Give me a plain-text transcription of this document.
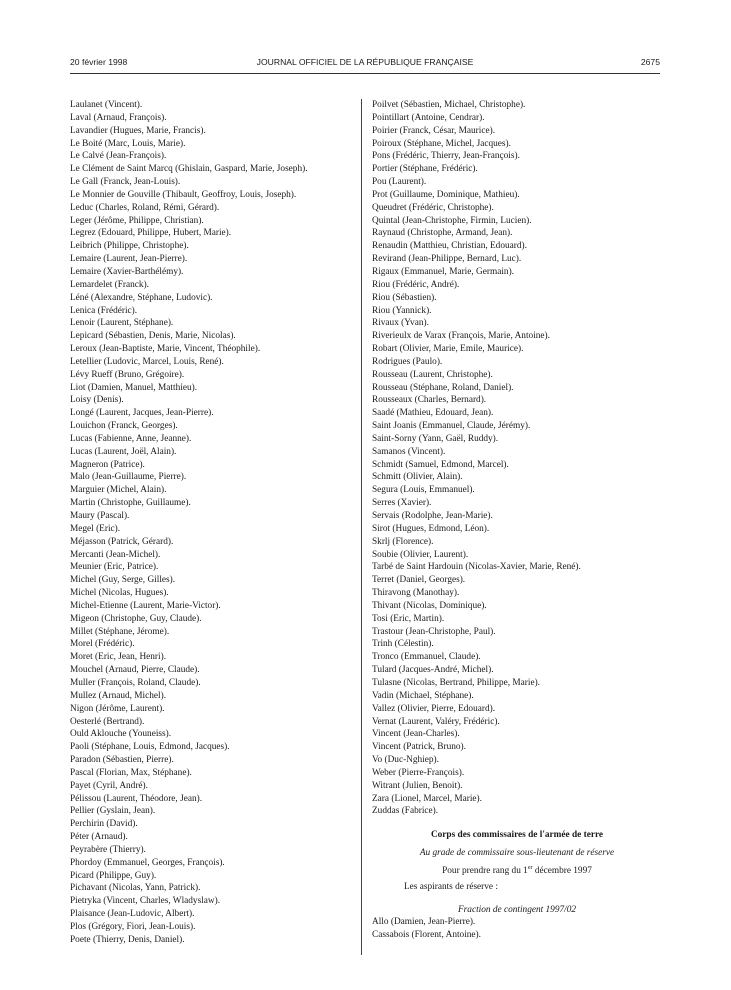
20 février 1998	JOURNAL OFFICIEL DE LA RÉPUBLIQUE FRANÇAISE	2675
Laulanet (Vincent).
Laval (Arnaud, François).
Lavandier (Hugues, Marie, Francis).
Le Boité (Marc, Louis, Marie).
Le Calvé (Jean-François).
Le Clément de Saint Marcq (Ghislain, Gaspard, Marie, Joseph).
Le Gall (Franck, Jean-Louis).
Le Monnier de Gouville (Thibault, Geoffroy, Louis, Joseph).
Leduc (Charles, Roland, Rémi, Gérard).
Leger (Jérôme, Philippe, Christian).
Legrez (Edouard, Philippe, Hubert, Marie).
Leibrich (Philippe, Christophe).
Lemaire (Laurent, Jean-Pierre).
Lemaire (Xavier-Barthélémy).
Lemardelet (Franck).
Léné (Alexandre, Stéphane, Ludovic).
Lenica (Frédéric).
Lenoir (Laurent, Stéphane).
Lepicard (Sébastien, Denis, Marie, Nicolas).
Leroux (Jean-Baptiste, Marie, Vincent, Théophile).
Letellier (Ludovic, Marcel, Louis, René).
Lévy Rueff (Bruno, Grégoire).
Liot (Damien, Manuel, Matthieu).
Loisy (Denis).
Longé (Laurent, Jacques, Jean-Pierre).
Louichon (Franck, Georges).
Lucas (Fabienne, Anne, Jeanne).
Lucas (Laurent, Joël, Alain).
Magneron (Patrice).
Malo (Jean-Guillaume, Pierre).
Marguier (Michel, Alain).
Martin (Christophe, Guillaume).
Maury (Pascal).
Megel (Eric).
Méjasson (Patrick, Gérard).
Mercanti (Jean-Michel).
Meunier (Eric, Patrice).
Michel (Guy, Serge, Gilles).
Michel (Nicolas, Hugues).
Michel-Etienne (Laurent, Marie-Victor).
Migeon (Christophe, Guy, Claude).
Millet (Stéphane, Jérome).
Morel (Frédéric).
Moret (Eric, Jean, Henri).
Mouchel (Arnaud, Pierre, Claude).
Muller (François, Roland, Claude).
Mullez (Arnaud, Michel).
Nigon (Jérôme, Laurent).
Oesterlé (Bertrand).
Ould Aklouche (Youneiss).
Paoli (Stéphane, Louis, Edmond, Jacques).
Paradon (Sébastien, Pierre).
Pascal (Florian, Max, Stéphane).
Payet (Cyril, André).
Pélissou (Laurent, Théodore, Jean).
Pellier (Gyslain, Jean).
Perchirin (David).
Péter (Arnaud).
Peyrabère (Thierry).
Phordoy (Emmanuel, Georges, François).
Picard (Philippe, Guy).
Pichavant (Nicolas, Yann, Patrick).
Pietryka (Vincent, Charles, Wladyslaw).
Plaisance (Jean-Ludovic, Albert).
Plos (Grégory, Fiori, Jean-Louis).
Poete (Thierry, Denis, Daniel).
Poilvet (Sébastien, Michael, Christophe).
Pointillart (Antoine, Cendrar).
Poirier (Franck, César, Maurice).
Poiroux (Stéphane, Michel, Jacques).
Pons (Frédéric, Thierry, Jean-François).
Portier (Stéphane, Frédéric).
Pou (Laurent).
Prot (Guillaume, Dominique, Mathieu).
Queudret (Frédéric, Christophe).
Quintal (Jean-Christophe, Firmin, Lucien).
Raynaud (Christophe, Armand, Jean).
Renaudin (Matthieu, Christian, Edouard).
Revirand (Jean-Philippe, Bernard, Luc).
Rigaux (Emmanuel, Marie, Germain).
Riou (Frédéric, André).
Riou (Sébastien).
Riou (Yannick).
Rivaux (Yvan).
Riverieulx de Varax (François, Marie, Antoine).
Robart (Olivier, Marie, Emile, Maurice).
Rodrigues (Paulo).
Rousseau (Laurent, Christophe).
Rousseau (Stéphane, Roland, Daniel).
Rousseaux (Charles, Bernard).
Saadé (Mathieu, Edouard, Jean).
Saint Joanis (Emmanuel, Claude, Jérémy).
Saint-Sorny (Yann, Gaël, Ruddy).
Samanos (Vincent).
Schmidt (Samuel, Edmond, Marcel).
Schmitt (Olivier, Alain).
Segura (Louis, Emmanuel).
Serres (Xavier).
Servais (Rodolphe, Jean-Marie).
Sirot (Hugues, Edmond, Léon).
Skrlj (Florence).
Soubie (Olivier, Laurent).
Tarbé de Saint Hardouin (Nicolas-Xavier, Marie, René).
Terret (Daniel, Georges).
Thiravong (Manothay).
Thivant (Nicolas, Dominique).
Tosi (Eric, Martin).
Trastour (Jean-Christophe, Paul).
Trinh (Célestin).
Tronco (Emmanuel, Claude).
Tulard (Jacques-André, Michel).
Tulasne (Nicolas, Bertrand, Philippe, Marie).
Vadin (Michael, Stéphane).
Vallez (Olivier, Pierre, Edouard).
Vernat (Laurent, Valéry, Frédéric).
Vincent (Jean-Charles).
Vincent (Patrick, Bruno).
Vo (Duc-Nghiep).
Weber (Pierre-François).
Witrant (Julien, Benoit).
Zara (Lionel, Marcel, Marie).
Zuddas (Fabrice).
Corps des commissaires de l'armée de terre
Au grade de commissaire sous-lieutenant de réserve
Pour prendre rang du 1er décembre 1997
Les aspirants de réserve :
Fraction de contingent 1997/02
Allo (Damien, Jean-Pierre).
Cassabois (Florent, Antoine).
